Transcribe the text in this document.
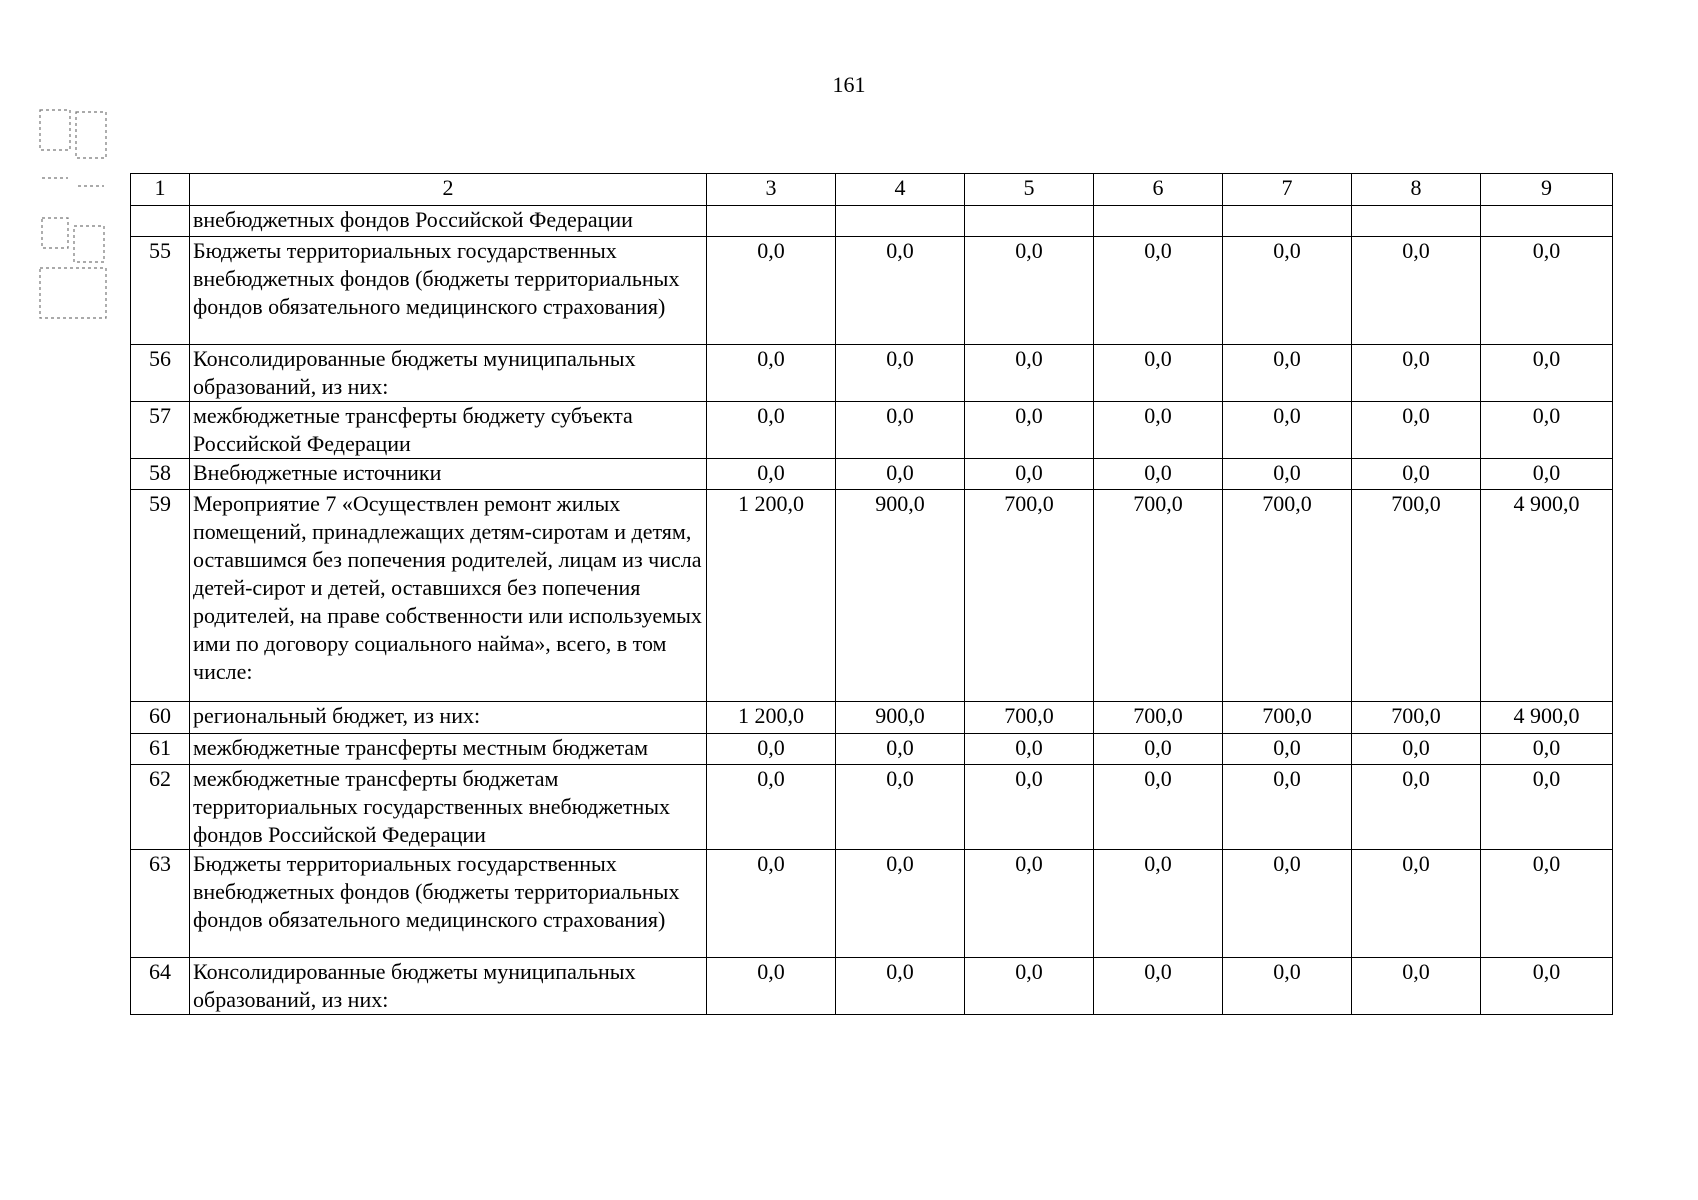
161
1	2	3	4	5	6	7	8	9
	внебюджетных фондов Российской Федерации							
55	Бюджеты территориальных государственных внебюджетных фондов (бюджеты территориальных фондов обязательного медицинского страхования)	0,0	0,0	0,0	0,0	0,0	0,0	0,0
56	Консолидированные бюджеты муниципальных образований, из них:	0,0	0,0	0,0	0,0	0,0	0,0	0,0
57	межбюджетные трансферты бюджету субъекта Российской Федерации	0,0	0,0	0,0	0,0	0,0	0,0	0,0
58	Внебюджетные источники	0,0	0,0	0,0	0,0	0,0	0,0	0,0
59	Мероприятие 7 «Осуществлен ремонт жилых помещений, принадлежащих детям-сиротам и детям, оставшимся без попечения родителей, лицам из числа детей-сирот и детей, оставшихся без попечения родителей, на праве собственности или используемых ими по договору социального найма», всего, в том числе:	1 200,0	900,0	700,0	700,0	700,0	700,0	4 900,0
60	региональный бюджет, из них:	1 200,0	900,0	700,0	700,0	700,0	700,0	4 900,0
61	межбюджетные трансферты местным бюджетам	0,0	0,0	0,0	0,0	0,0	0,0	0,0
62	межбюджетные трансферты бюджетам территориальных государственных внебюджетных фондов Российской Федерации	0,0	0,0	0,0	0,0	0,0	0,0	0,0
63	Бюджеты территориальных государственных внебюджетных фондов (бюджеты территориальных фондов обязательного медицинского страхования)	0,0	0,0	0,0	0,0	0,0	0,0	0,0
64	Консолидированные бюджеты муниципальных образований, из них:	0,0	0,0	0,0	0,0	0,0	0,0	0,0
